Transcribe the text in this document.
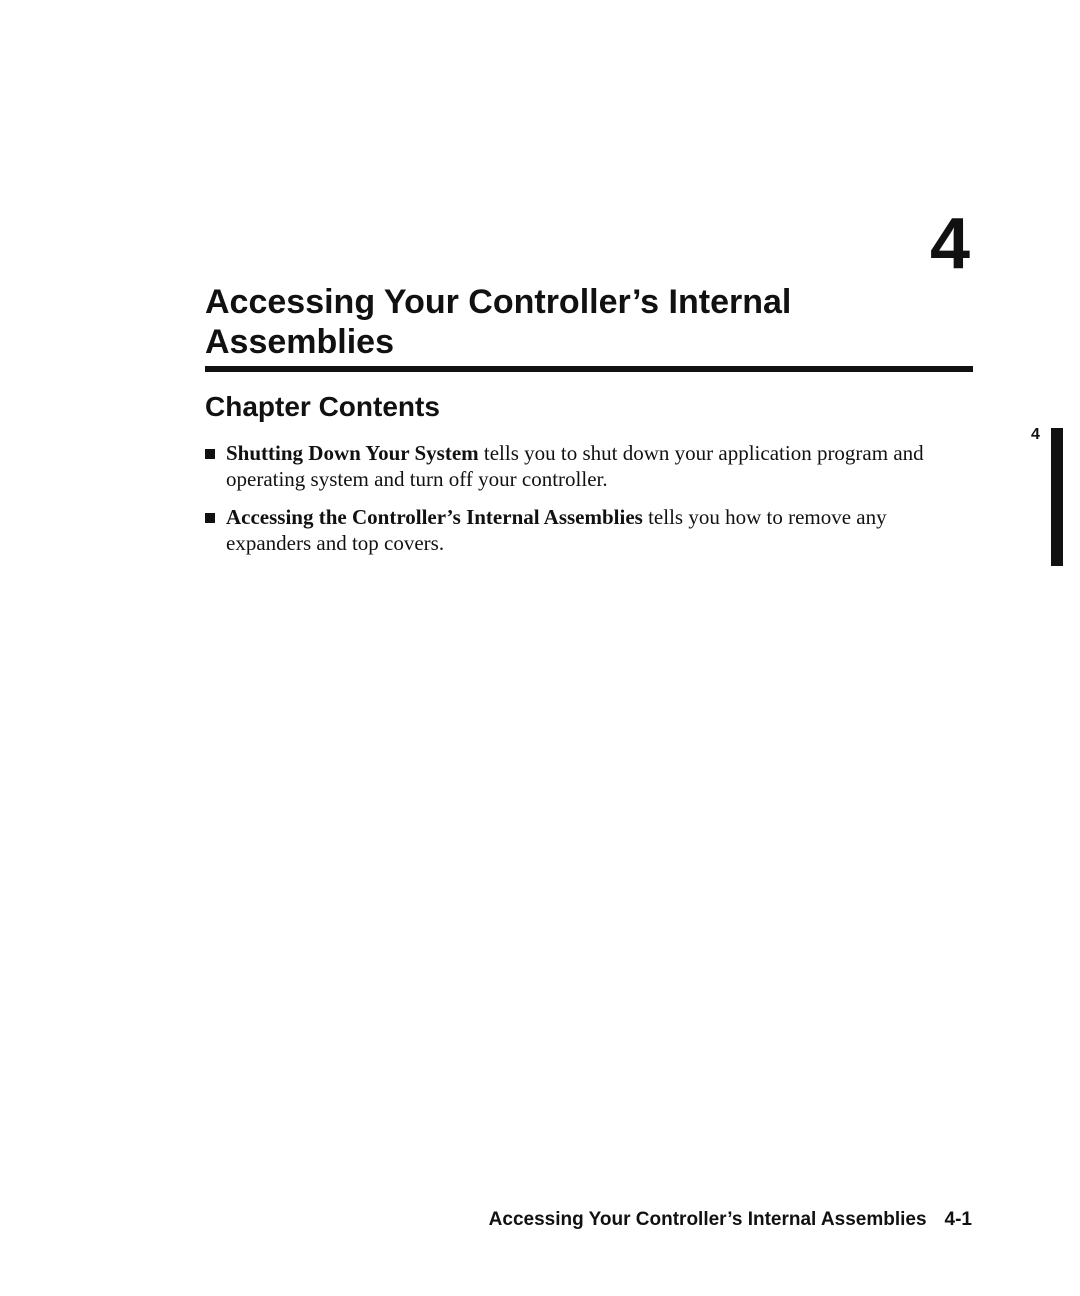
4
Accessing Your Controller’s Internal Assemblies
Chapter Contents
Shutting Down Your System tells you to shut down your application program and operating system and turn off your controller.
Accessing the Controller’s Internal Assemblies tells you how to remove any expanders and top covers.
4
Accessing Your Controller’s Internal Assemblies 4-1
